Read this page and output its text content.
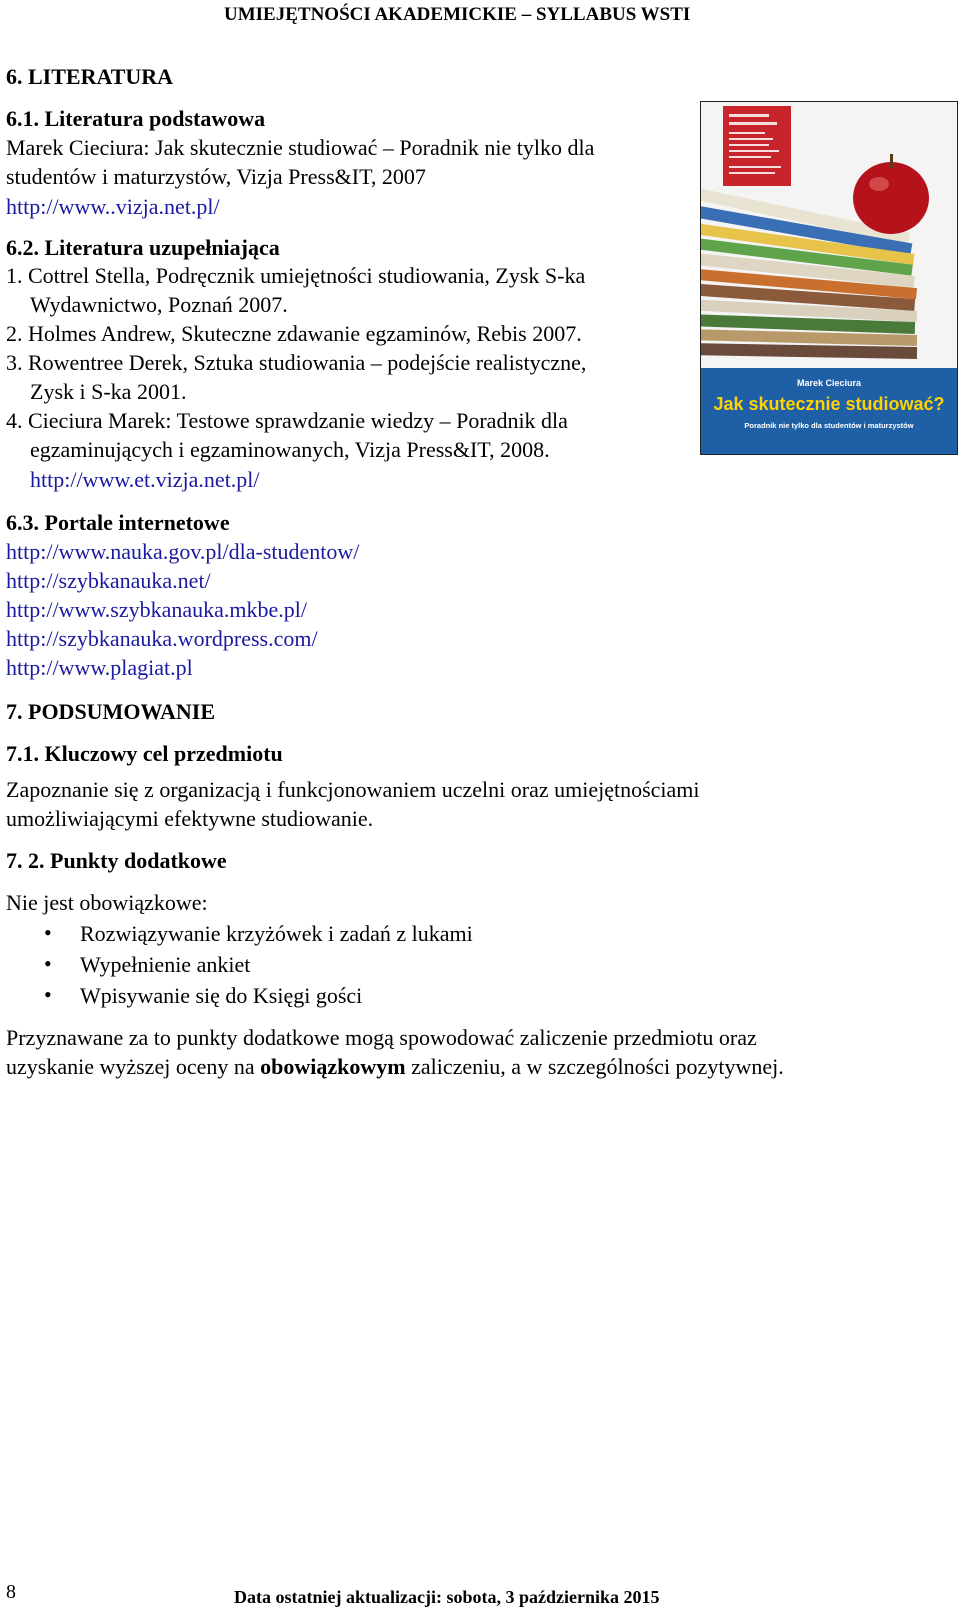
UMIEJĘTNOŚCI AKADEMICKIE – SYLLABUS WSTI
6. LITERATURA
6.1. Literatura podstawowa
Marek Cieciura: Jak skutecznie studiować – Poradnik nie tylko dla
studentów i maturzystów, Vizja Press&IT, 2007
http://www..vizja.net.pl/
6.2. Literatura uzupełniająca
1. Cottrel Stella, Podręcznik umiejętności studiowania, Zysk S-ka
Wydawnictwo, Poznań 2007.
2. Holmes Andrew, Skuteczne zdawanie egzaminów, Rebis 2007.
3. Rowentree Derek, Sztuka studiowania – podejście realistyczne,
Zysk i S-ka 2001.
4. Cieciura Marek: Testowe sprawdzanie wiedzy – Poradnik dla
egzaminujących i egzaminowanych, Vizja Press&IT, 2008.
http://www.et.vizja.net.pl/
6.3. Portale internetowe
http://www.nauka.gov.pl/dla-studentow/
http://szybkanauka.net/
http://www.szybkanauka.mkbe.pl/
http://szybkanauka.wordpress.com/
http://www.plagiat.pl
7. PODSUMOWANIE
7.1. Kluczowy cel przedmiotu
Zapoznanie się z organizacją i funkcjonowaniem uczelni oraz umiejętnościami
umożliwiającymi efektywne studiowanie.
7. 2. Punkty dodatkowe
Nie jest obowiązkowe:
• Rozwiązywanie krzyżówek i zadań z lukami
• Wypełnienie ankiet
• Wpisywanie się do Księgi gości
Przyznawane za to punkty dodatkowe mogą spowodować zaliczenie przedmiotu oraz
uzyskanie wyższej oceny na obowiązkowym zaliczeniu, a w szczególności pozytywnej.
Marek Cieciura
Jak skutecznie studiować?
Poradnik nie tylko dla studentów i maturzystów
8	Data ostatniej aktualizacji: sobota, 3 października 2015
